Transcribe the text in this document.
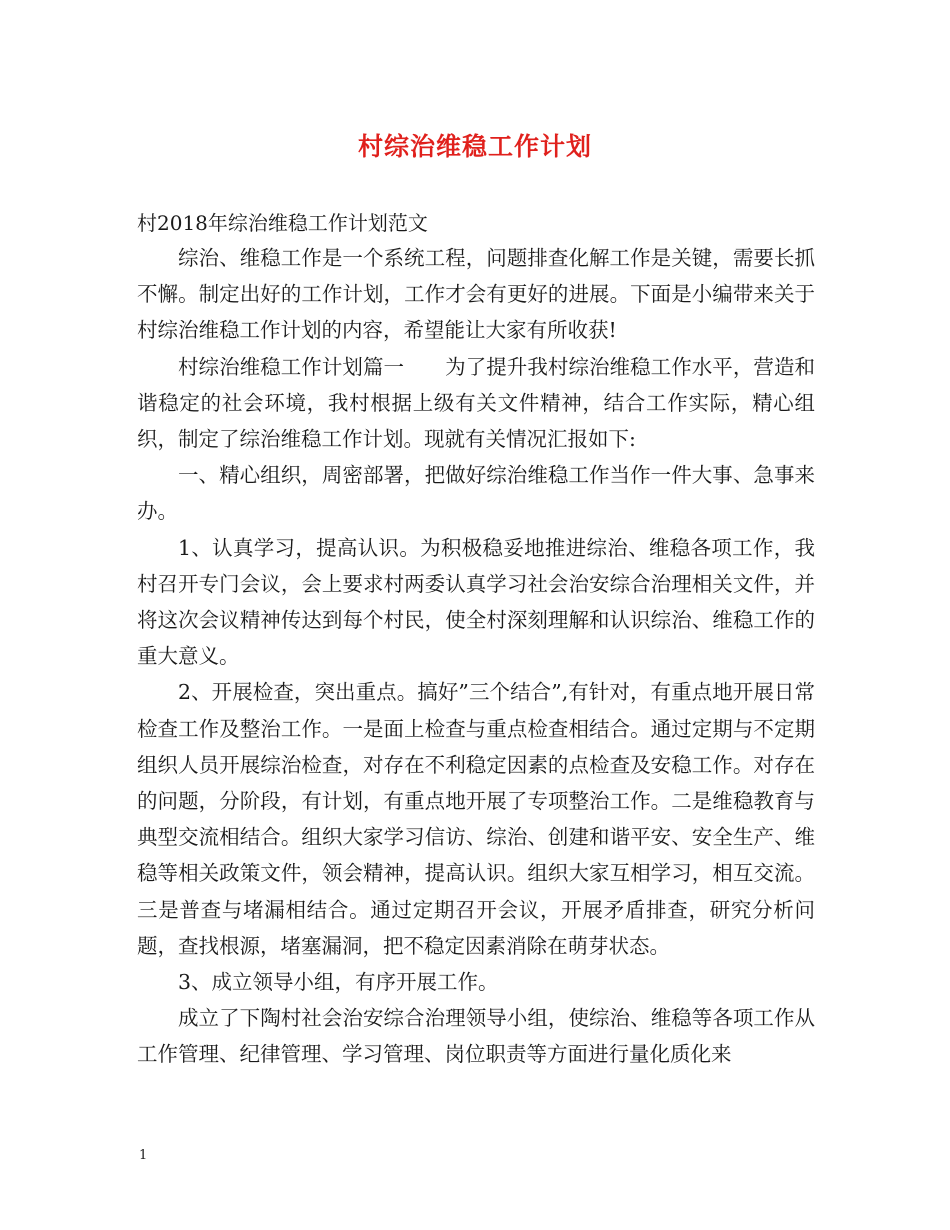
村综治维稳工作计划
村2018年综治维稳工作计划范文

综治、维稳工作是一个系统工程，问题排查化解工作是关键，需要长抓不懈。制定出好的工作计划，工作才会有更好的进展。下面是小编带来关于村综治维稳工作计划的内容，希望能让大家有所收获!

村综治维稳工作计划篇一　　为了提升我村综治维稳工作水平，营造和谐稳定的社会环境，我村根据上级有关文件精神，结合工作实际，精心组织，制定了综治维稳工作计划。现就有关情况汇报如下:

一、精心组织，周密部署，把做好综治维稳工作当作一件大事、急事来办。

1、认真学习，提高认识。为积极稳妥地推进综治、维稳各项工作，我村召开专门会议，会上要求村两委认真学习社会治安综合治理相关文件，并将这次会议精神传达到每个村民，使全村深刻理解和认识综治、维稳工作的重大意义。

2、开展检查，突出重点。搞好”三个结合”,有针对，有重点地开展日常检查工作及整治工作。一是面上检查与重点检查相结合。通过定期与不定期组织人员开展综治检查，对存在不利稳定因素的点检查及安稳工作。对存在的问题，分阶段，有计划，有重点地开展了专项整治工作。二是维稳教育与典型交流相结合。组织大家学习信访、综治、创建和谐平安、安全生产、维稳等相关政策文件，领会精神，提高认识。组织大家互相学习，相互交流。三是普查与堵漏相结合。通过定期召开会议，开展矛盾排查，研究分析问题，查找根源，堵塞漏洞，把不稳定因素消除在萌芽状态。

3、成立领导小组，有序开展工作。

成立了下陶村社会治安综合治理领导小组，使综治、维稳等各项工作从工作管理、纪律管理、学习管理、岗位职责等方面进行量化质化来

1
